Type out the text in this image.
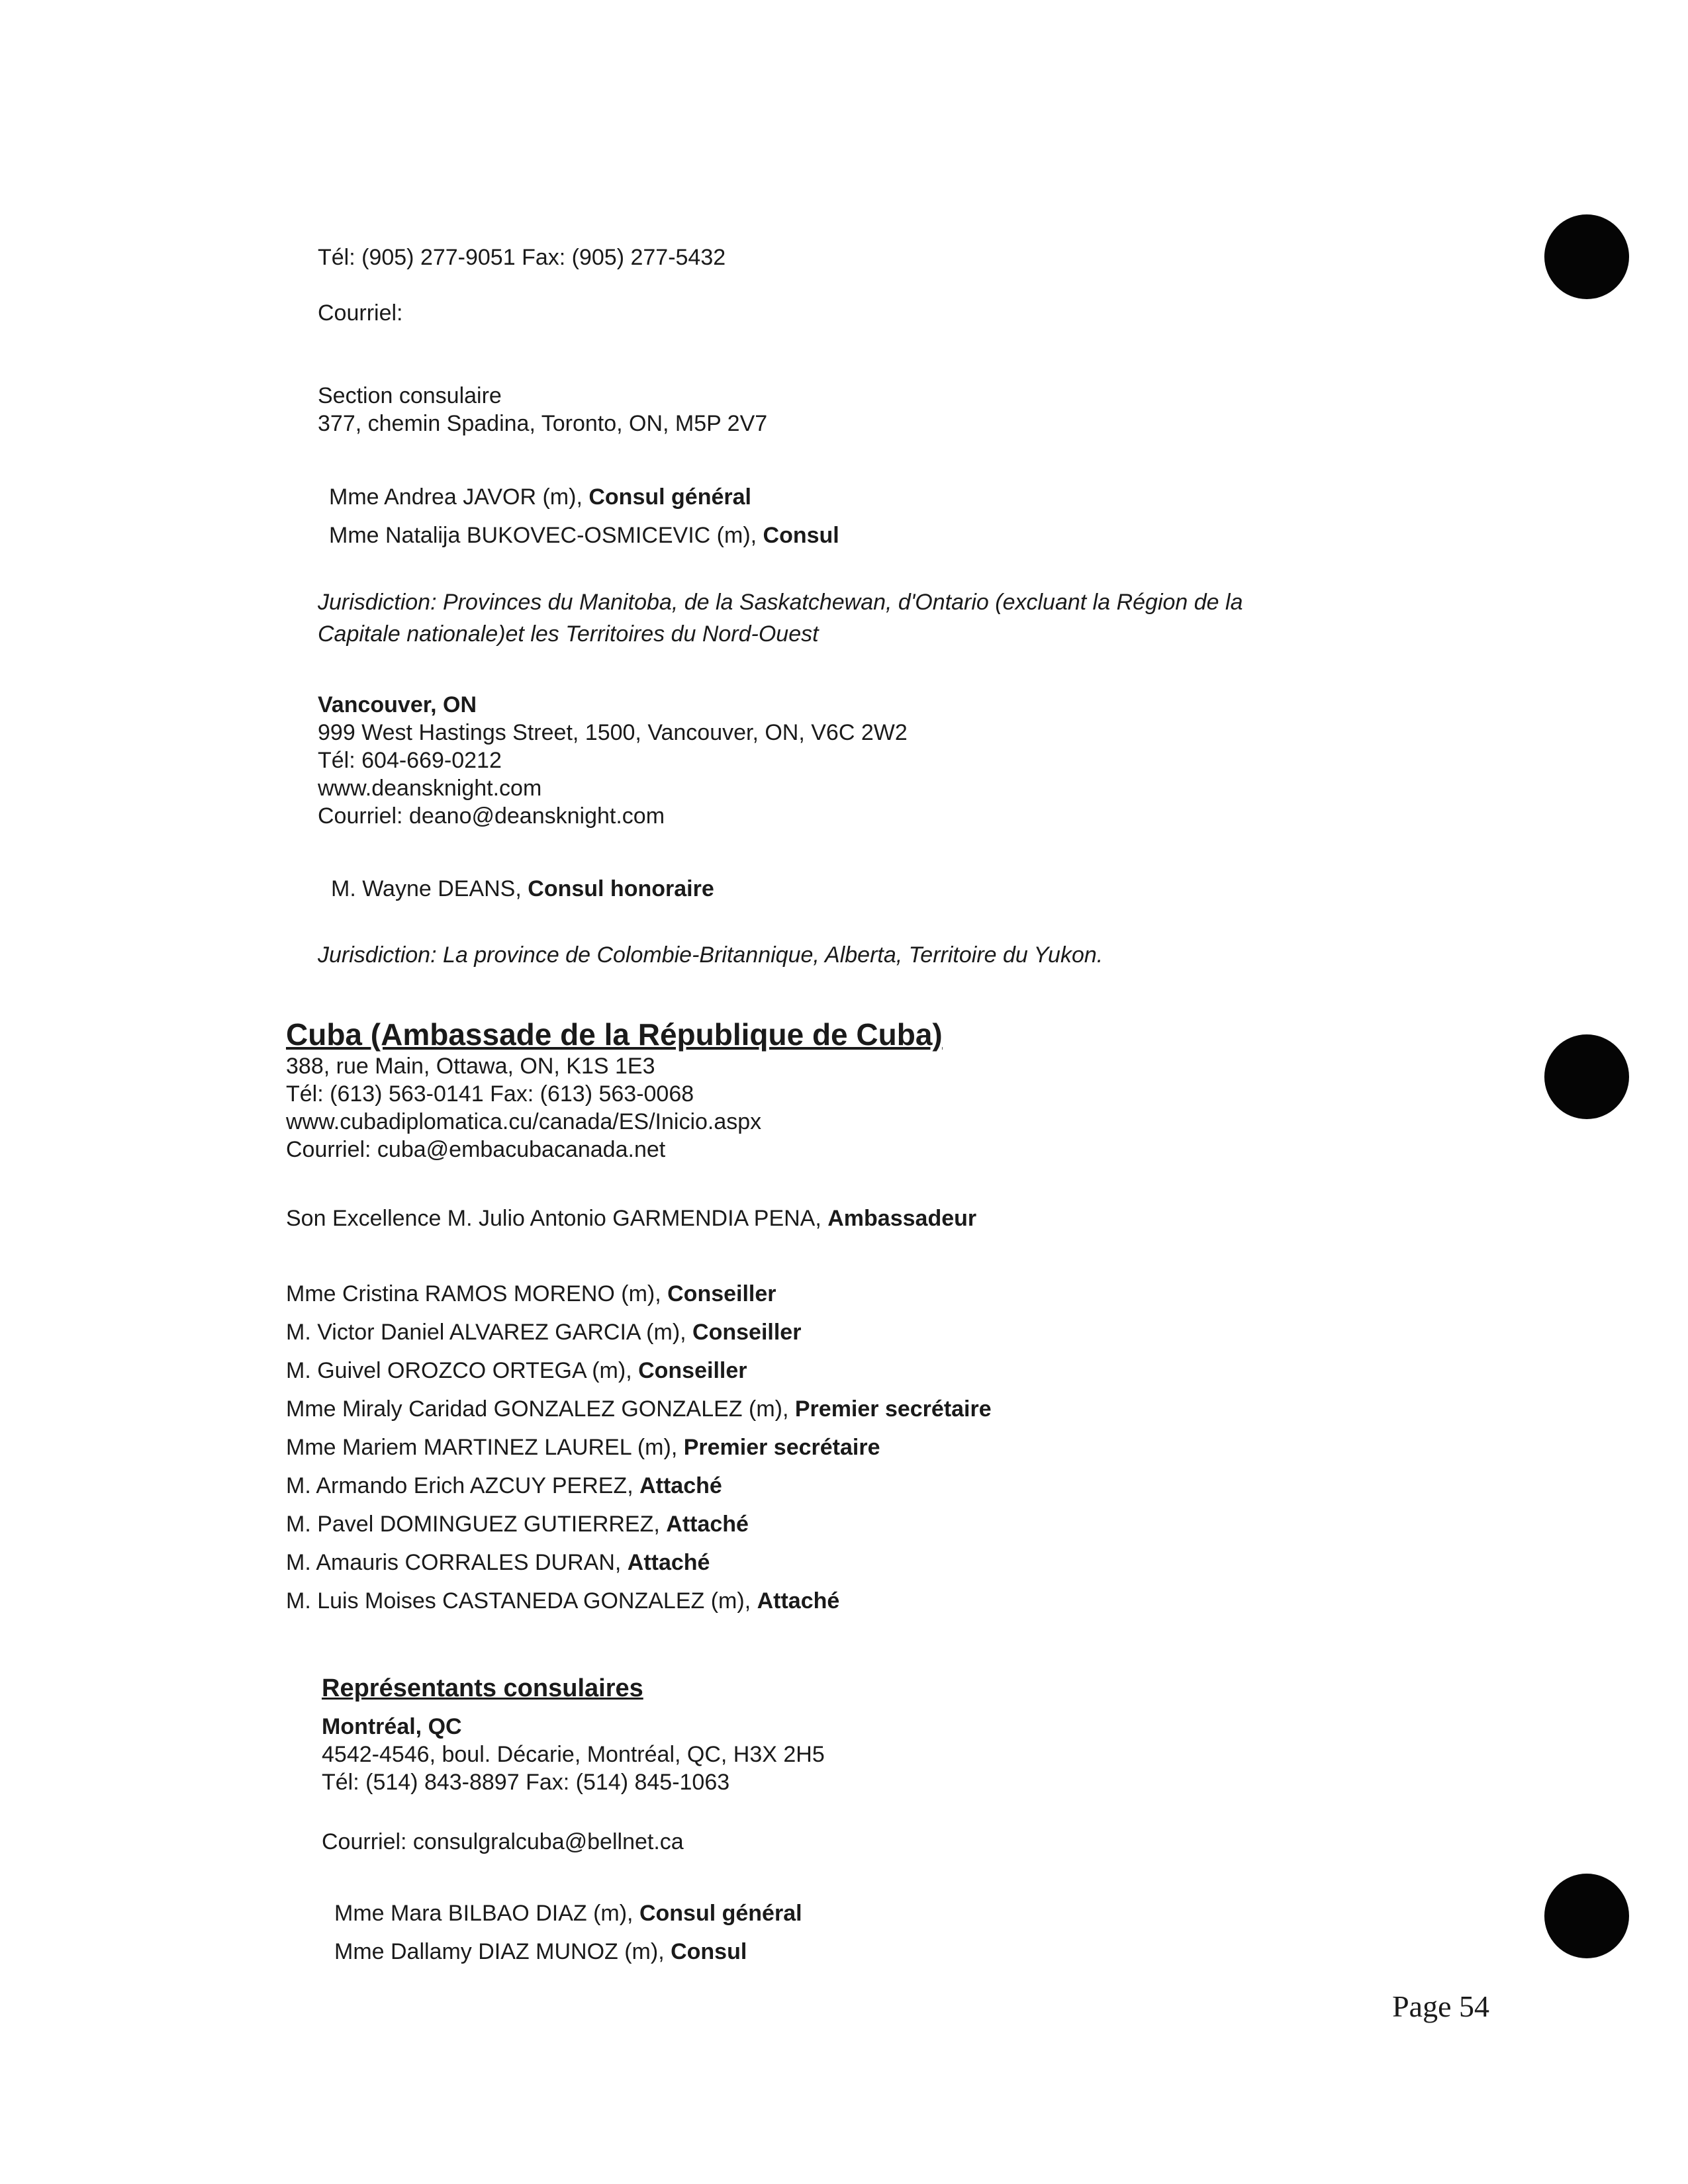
Tél: (905) 277-9051 Fax: (905) 277-5432
Courriel:
Section consulaire
377, chemin Spadina, Toronto, ON, M5P 2V7
Mme Andrea JAVOR (m), Consul général
Mme Natalija BUKOVEC-OSMICEVIC (m), Consul
Jurisdiction: Provinces du Manitoba, de la Saskatchewan, d'Ontario (excluant la Région de la
Capitale nationale)et les Territoires du Nord-Ouest
Vancouver, ON
999 West Hastings Street, 1500, Vancouver, ON, V6C 2W2
Tél: 604-669-0212
www.deansknight.com
Courriel: deano@deansknight.com
M. Wayne DEANS, Consul honoraire
Jurisdiction: La province de Colombie-Britannique, Alberta, Territoire du Yukon.
Cuba (Ambassade de la République de Cuba)
388, rue Main, Ottawa, ON, K1S 1E3
Tél: (613) 563-0141 Fax: (613) 563-0068
www.cubadiplomatica.cu/canada/ES/Inicio.aspx
Courriel: cuba@embacubacanada.net
Son Excellence M. Julio Antonio GARMENDIA PENA, Ambassadeur
Mme Cristina RAMOS MORENO (m), Conseiller
M. Victor Daniel ALVAREZ GARCIA (m), Conseiller
M. Guivel OROZCO ORTEGA (m), Conseiller
Mme Miraly Caridad GONZALEZ GONZALEZ (m), Premier secrétaire
Mme Mariem MARTINEZ LAUREL (m), Premier secrétaire
M. Armando Erich AZCUY PEREZ, Attaché
M. Pavel DOMINGUEZ GUTIERREZ, Attaché
M. Amauris CORRALES DURAN, Attaché
M. Luis Moises CASTANEDA GONZALEZ (m), Attaché
Représentants consulaires
Montréal, QC
4542-4546, boul. Décarie, Montréal, QC, H3X 2H5
Tél: (514) 843-8897 Fax: (514) 845-1063
Courriel: consulgralcuba@bellnet.ca
Mme Mara BILBAO DIAZ (m), Consul général
Mme Dallamy DIAZ MUNOZ (m), Consul
Page 54
